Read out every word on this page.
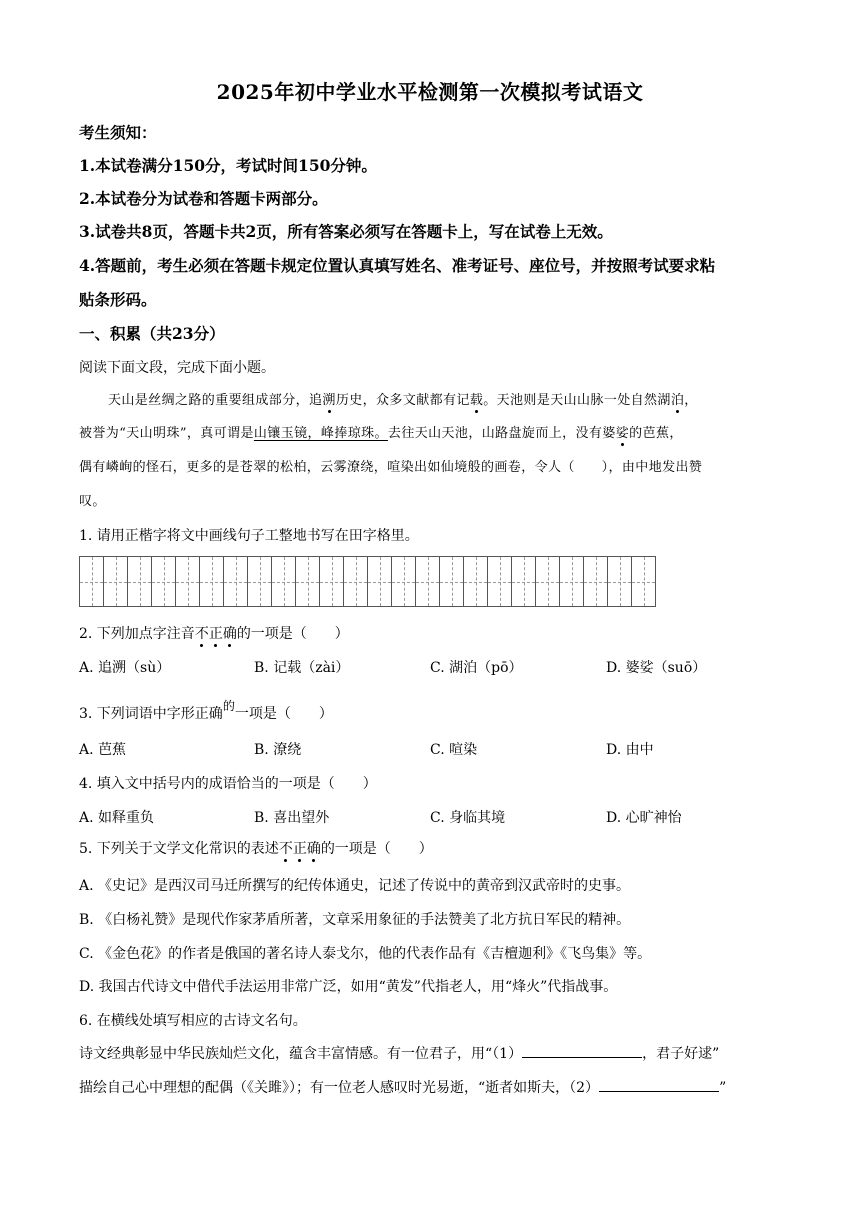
2025年初中学业水平检测第一次模拟考试语文
考生须知：
1.本试卷满分150分，考试时间150分钟。
2.本试卷分为试卷和答题卡两部分。
3.试卷共8页，答题卡共2页，所有答案必须写在答题卡上，写在试卷上无效。
4.答题前，考生必须在答题卡规定位置认真填写姓名、准考证号、座位号，并按照考试要求粘
贴条形码。
一、积累（共23分）
阅读下面文段，完成下面小题。
天山是丝绸之路的重要组成部分，追溯历史，众多文献都有记载。天池则是天山山脉一处自然湖泊，
被誉为“天山明珠”，真可谓是山镶玉镜，峰捧琼珠。去往天山天池，山路盘旋而上，没有婆娑的芭蕉，
偶有嶙峋的怪石，更多的是苍翠的松柏，云雾潦绕，喧染出如仙境般的画卷，令人（　　），由中地发出赞
叹。
1. 请用正楷字将文中画线句子工整地书写在田字格里。
2. 下列加点字注音不正确的一项是（　　）
A. 追溯（sù）	B. 记载（zài）	C. 湖泊（pō）	D. 婆娑（suō）
3. 下列词语中字形正确的一项是（　　）
A. 芭蕉	B. 潦绕	C. 喧染	D. 由中
4. 填入文中括号内的成语恰当的一项是（　　）
A. 如释重负	B. 喜出望外	C. 身临其境	D. 心旷神怡
5. 下列关于文学文化常识的表述不正确的一项是（　　）
A. 《史记》是西汉司马迁所撰写的纪传体通史，记述了传说中的黄帝到汉武帝时的史事。
B. 《白杨礼赞》是现代作家茅盾所著，文章采用象征的手法赞美了北方抗日军民的精神。
C. 《金色花》的作者是俄国的著名诗人泰戈尔，他的代表作品有《吉檀迦利》《飞鸟集》等。
D. 我国古代诗文中借代手法运用非常广泛，如用“黄发”代指老人，用“烽火”代指战事。
6. 在横线处填写相应的古诗文名句。
诗文经典彰显中华民族灿烂文化，蕴含丰富情感。有一位君子，用“（1）	，君子好逑”
描绘自己心中理想的配偶（《关雎》）；有一位老人感叹时光易逝，“逝者如斯夫，（2）	”
